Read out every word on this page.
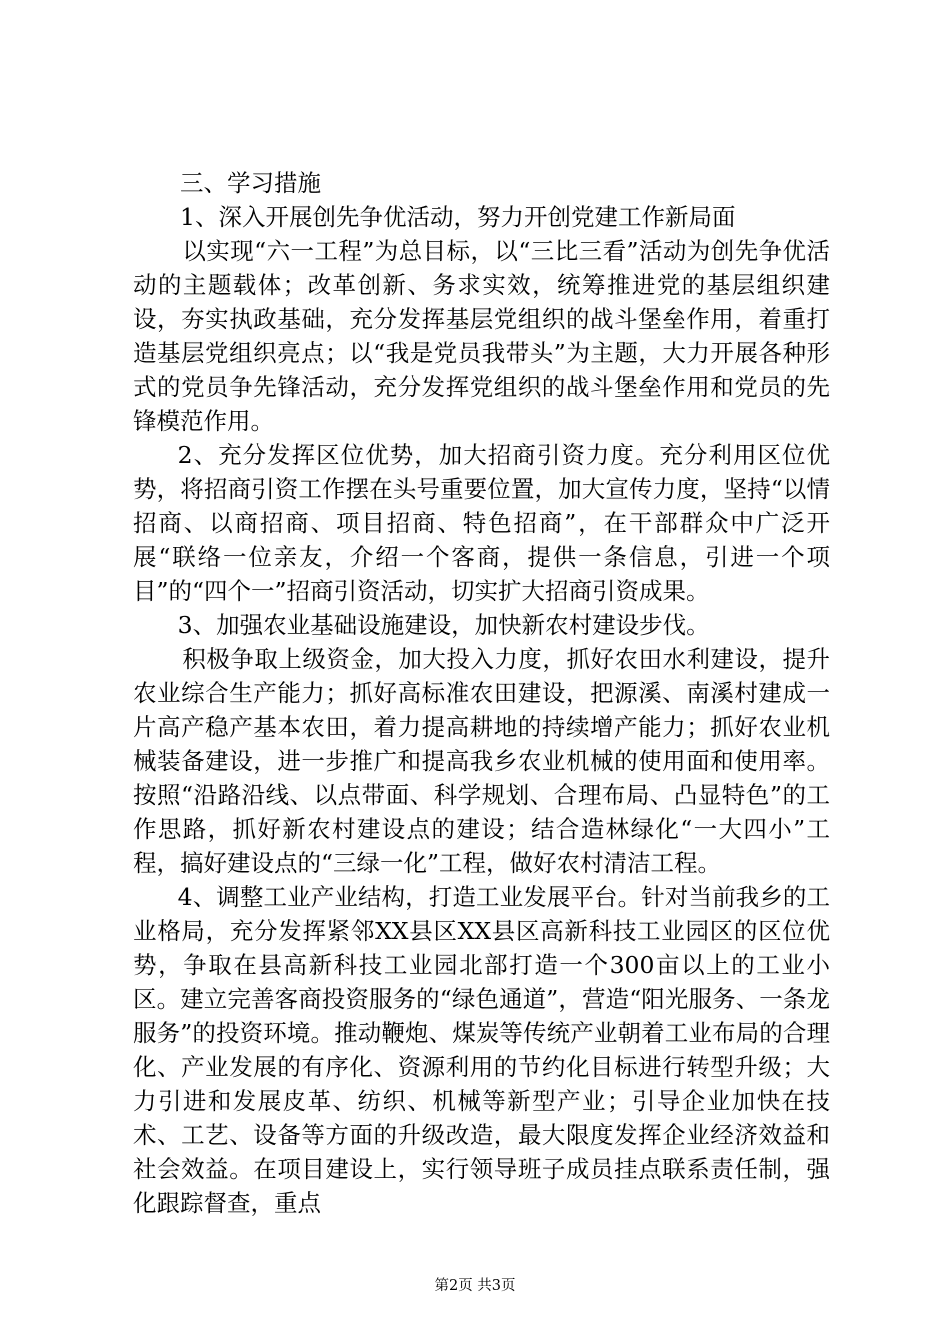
三、学习措施

1、深入开展创先争优活动，努力开创党建工作新局面

以实现“六一工程”为总目标，以“三比三看”活动为创先争优活动的主题载体；改革创新、务求实效，统筹推进党的基层组织建设，夯实执政基础，充分发挥基层党组织的战斗堡垒作用，着重打造基层党组织亮点；以“我是党员我带头”为主题，大力开展各种形式的党员争先锋活动，充分发挥党组织的战斗堡垒作用和党员的先锋模范作用。

2、充分发挥区位优势，加大招商引资力度。充分利用区位优势，将招商引资工作摆在头号重要位置，加大宣传力度，坚持“以情招商、以商招商、项目招商、特色招商”，在干部群众中广泛开展“联络一位亲友，介绍一个客商，提供一条信息，引进一个项目”的“四个一”招商引资活动，切实扩大招商引资成果。

3、加强农业基础设施建设，加快新农村建设步伐。

积极争取上级资金，加大投入力度，抓好农田水利建设，提升农业综合生产能力；抓好高标准农田建设，把源溪、南溪村建成一片高产稳产基本农田，着力提高耕地的持续增产能力；抓好农业机械装备建设，进一步推广和提高我乡农业机械的使用面和使用率。按照“沿路沿线、以点带面、科学规划、合理布局、凸显特色”的工作思路，抓好新农村建设点的建设；结合造林绿化“一大四小”工程，搞好建设点的“三绿一化”工程，做好农村清洁工程。

4、调整工业产业结构，打造工业发展平台。针对当前我乡的工业格局，充分发挥紧邻XX县区XX县区高新科技工业园区的区位优势，争取在县高新科技工业园北部打造一个300亩以上的工业小区。建立完善客商投资服务的“绿色通道”，营造“阳光服务、一条龙服务”的投资环境。推动鞭炮、煤炭等传统产业朝着工业布局的合理化、产业发展的有序化、资源利用的节约化目标进行转型升级；大力引进和发展皮革、纺织、机械等新型产业；引导企业加快在技术、工艺、设备等方面的升级改造，最大限度发挥企业经济效益和社会效益。在项目建设上，实行领导班子成员挂点联系责任制，强化跟踪督查，重点

第2页 共3页
